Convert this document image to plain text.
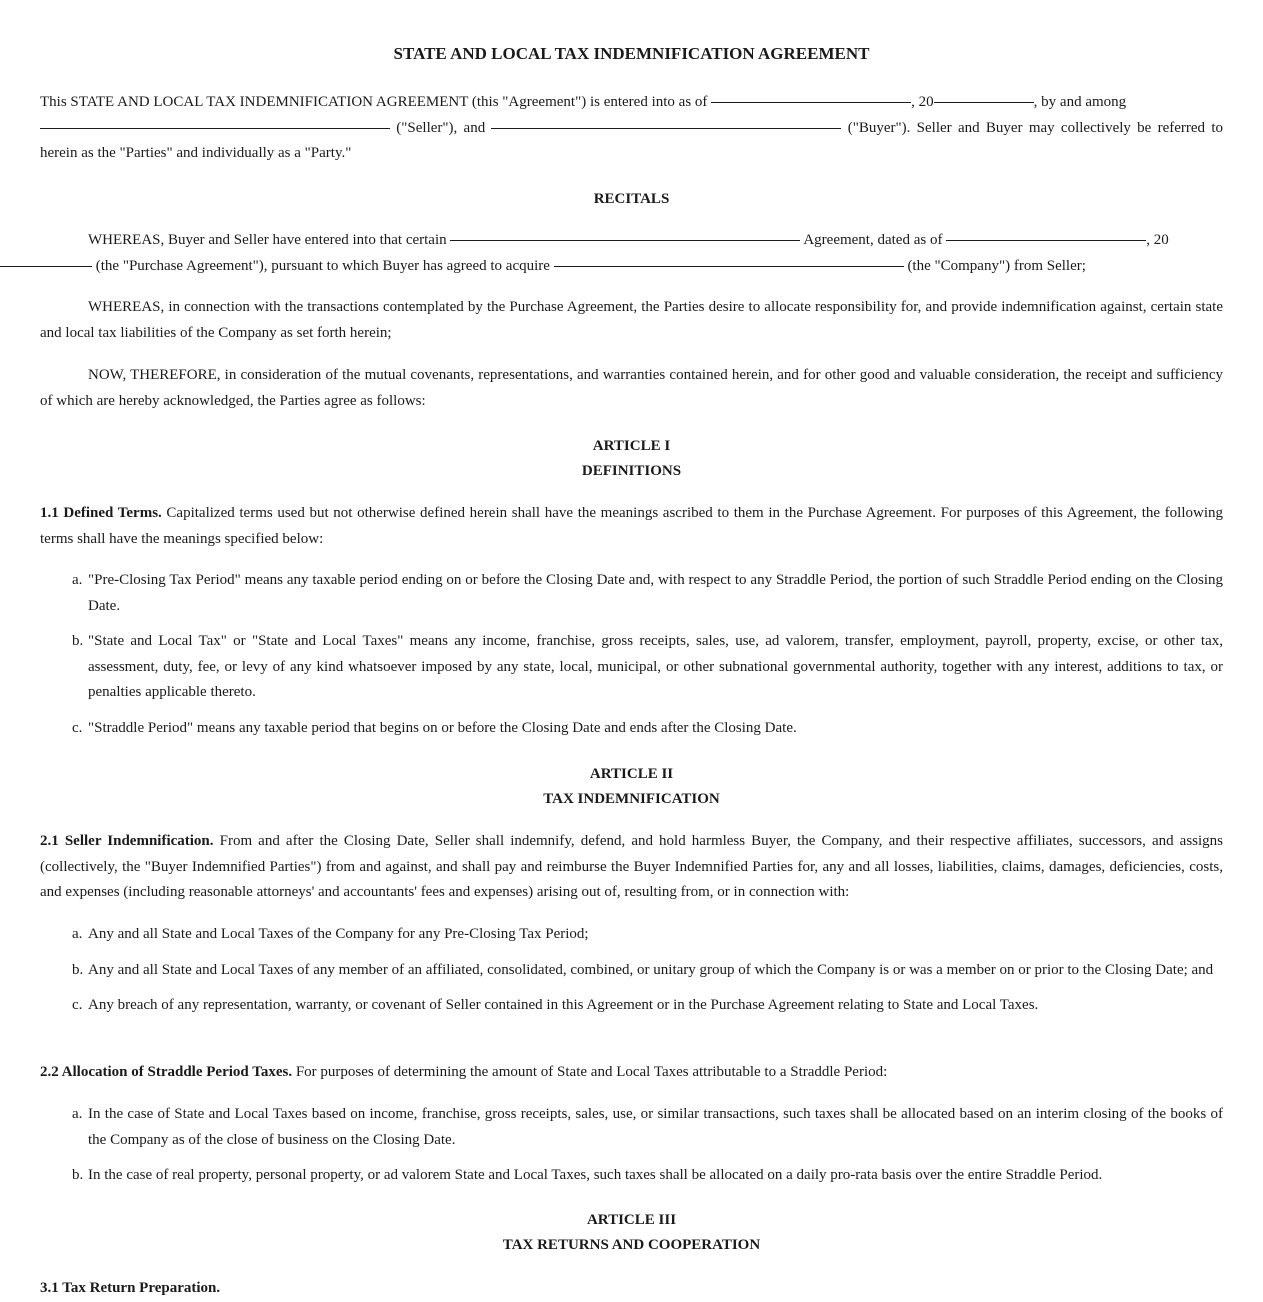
STATE AND LOCAL TAX INDEMNIFICATION AGREEMENT

This STATE AND LOCAL TAX INDEMNIFICATION AGREEMENT (this "Agreement") is entered into as of	, 20	, by and among
("Seller"), and	("Buyer"). Seller and Buyer may collectively be referred to herein as the "Parties" and individually as a "Party."

RECITALS

WHEREAS, Buyer and Seller have entered into that certain	Agreement, dated as of	, 20
(the "Purchase Agreement"), pursuant to which Buyer has agreed to acquire	(the "Company") from Seller;

WHEREAS, in connection with the transactions contemplated by the Purchase Agreement, the Parties desire to allocate responsibility for, and provide indemnification against, certain state and local tax liabilities of the Company as set forth herein;

NOW, THEREFORE, in consideration of the mutual covenants, representations, and warranties contained herein, and for other good and valuable consideration, the receipt and sufficiency of which are hereby acknowledged, the Parties agree as follows:

ARTICLE I

DEFINITIONS

1.1 Defined Terms. Capitalized terms used but not otherwise defined herein shall have the meanings ascribed to them in the Purchase Agreement. For purposes of this Agreement, the following terms shall have the meanings specified below:

a. "Pre-Closing Tax Period" means any taxable period ending on or before the Closing Date and, with respect to any Straddle Period, the portion of such Straddle Period ending on the Closing Date.
b. "State and Local Tax" or "State and Local Taxes" means any income, franchise, gross receipts, sales, use, ad valorem, transfer, employment, payroll, property, excise, or other tax, assessment, duty, fee, or levy of any kind whatsoever imposed by any state, local, municipal, or other subnational governmental authority, together with any interest, additions to tax, or penalties applicable thereto.
c. "Straddle Period" means any taxable period that begins on or before the Closing Date and ends after the Closing Date.

ARTICLE II

TAX INDEMNIFICATION

2.1 Seller Indemnification. From and after the Closing Date, Seller shall indemnify, defend, and hold harmless Buyer, the Company, and their respective affiliates, successors, and assigns (collectively, the "Buyer Indemnified Parties") from and against, and shall pay and reimburse the Buyer Indemnified Parties for, any and all losses, liabilities, claims, damages, deficiencies, costs, and expenses (including reasonable attorneys' and accountants' fees and expenses) arising out of, resulting from, or in connection with:

a. Any and all State and Local Taxes of the Company for any Pre-Closing Tax Period;
b. Any and all State and Local Taxes of any member of an affiliated, consolidated, combined, or unitary group of which the Company is or was a member on or prior to the Closing Date; and
c. Any breach of any representation, warranty, or covenant of Seller contained in this Agreement or in the Purchase Agreement relating to State and Local Taxes.

2.2 Allocation of Straddle Period Taxes. For purposes of determining the amount of State and Local Taxes attributable to a Straddle Period:

a. In the case of State and Local Taxes based on income, franchise, gross receipts, sales, use, or similar transactions, such taxes shall be allocated based on an interim closing of the books of the Company as of the close of business on the Closing Date.
b. In the case of real property, personal property, or ad valorem State and Local Taxes, such taxes shall be allocated on a daily pro-rata basis over the entire Straddle Period.

ARTICLE III

TAX RETURNS AND COOPERATION

3.1 Tax Return Preparation.
